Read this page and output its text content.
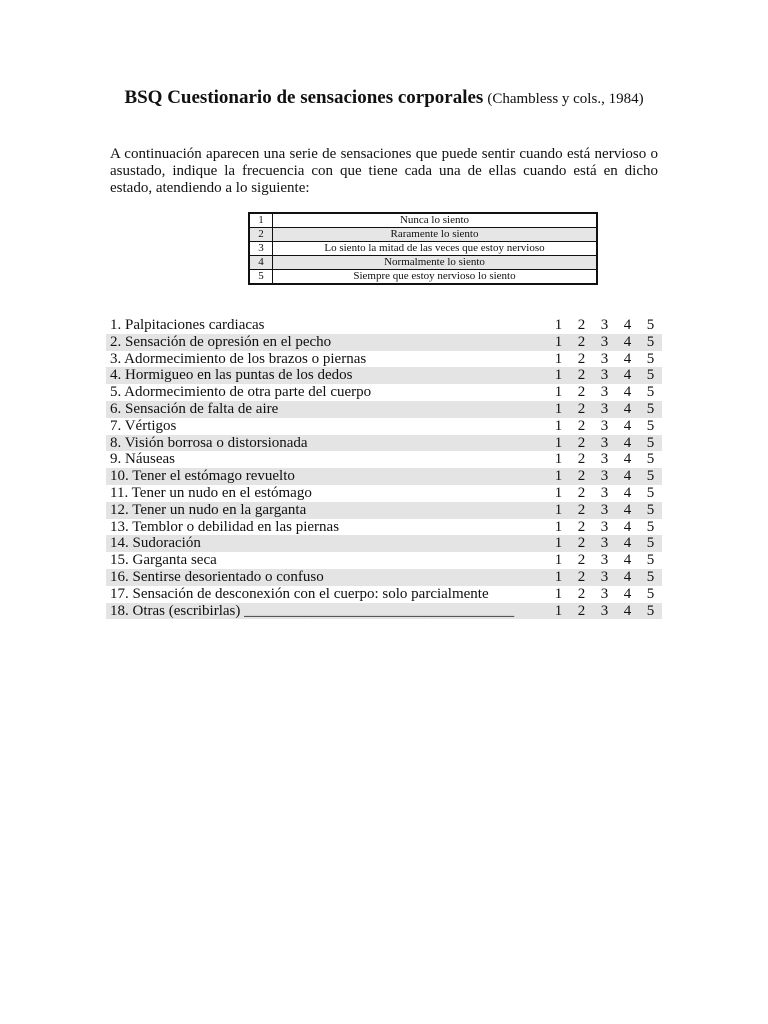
BSQ Cuestionario de sensaciones corporales (Chambless y cols., 1984)
A continuación aparecen una serie de sensaciones que puede sentir cuando está nervioso o asustado, indique la frecuencia con que tiene cada una de ellas cuando está en dicho estado, atendiendo a lo siguiente:
1	Nunca lo siento
2	Raramente lo siento
3	Lo siento la mitad de las veces que estoy nervioso
4	Normalmente lo siento
5	Siempre que estoy nervioso lo siento
1. Palpitaciones cardiacas	1	2	3	4	5
2. Sensación de opresión en el pecho	1	2	3	4	5
3. Adormecimiento de los brazos o piernas	1	2	3	4	5
4. Hormigueo en las puntas de los dedos	1	2	3	4	5
5. Adormecimiento de otra parte del cuerpo	1	2	3	4	5
6. Sensación de falta de aire	1	2	3	4	5
7. Vértigos	1	2	3	4	5
8. Visión borrosa o distorsionada	1	2	3	4	5
9. Náuseas	1	2	3	4	5
10. Tener el estómago revuelto	1	2	3	4	5
11. Tener un nudo en el estómago	1	2	3	4	5
12. Tener un nudo en la garganta	1	2	3	4	5
13. Temblor o debilidad en las piernas	1	2	3	4	5
14. Sudoración	1	2	3	4	5
15. Garganta seca	1	2	3	4	5
16. Sentirse desorientado o confuso	1	2	3	4	5
17. Sensación de desconexión con el cuerpo: solo parcialmente	1	2	3	4	5
18. Otras (escribirlas) ____________________________________	1	2	3	4	5
